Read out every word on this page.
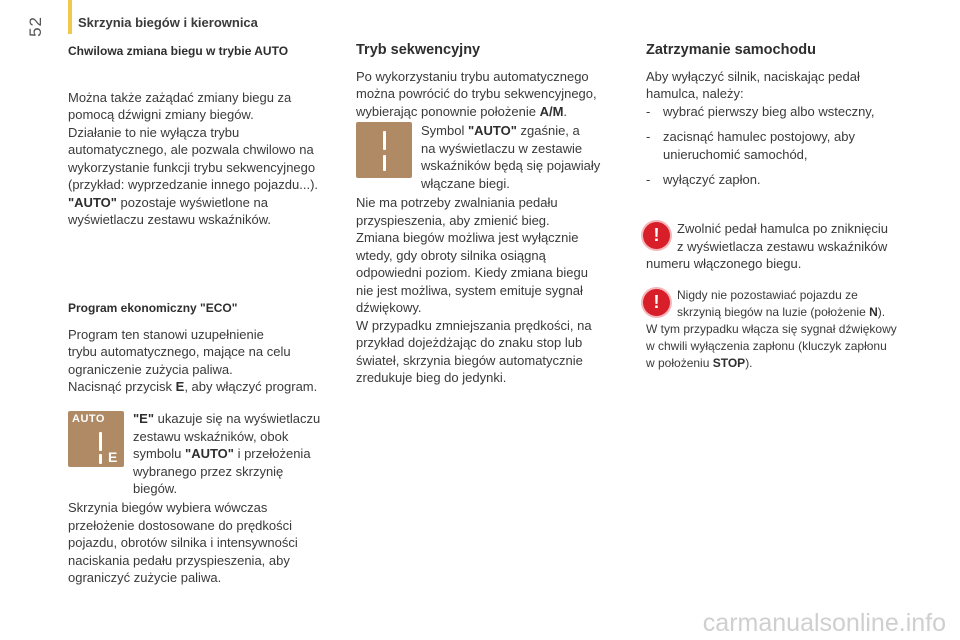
52	Skrzynia biegów i kierownica
Chwilowa zmiana biegu w trybie AUTO
Można także zażądać zmiany biegu za
pomocą dźwigni zmiany biegów.
Działanie to nie wyłącza trybu
automatycznego, ale pozwala chwilowo na
wykorzystanie funkcji trybu sekwencyjnego
(przykład: wyprzedzanie innego pojazdu...).
"AUTO" pozostaje wyświetlone na
wyświetlaczu zestawu wskaźników.
Program ekonomiczny "ECO"
Program ten stanowi uzupełnienie
trybu automatycznego, mające na celu
ograniczenie zużycia paliwa.
Nacisnąć przycisk E, aby włączyć program.
AUTO
E
"E" ukazuje się na wyświetlaczu
zestawu wskaźników, obok
symbolu "AUTO" i przełożenia
wybranego przez skrzynię
biegów.
Skrzynia biegów wybiera wówczas
przełożenie dostosowane do prędkości
pojazdu, obrotów silnika i intensywności
naciskania pedału przyspieszenia, aby
ograniczyć zużycie paliwa.
Tryb sekwencyjny
Po wykorzystaniu trybu automatycznego
można powrócić do trybu sekwencyjnego,
wybierając ponownie położenie A/M.
Symbol "AUTO" zgaśnie, a
na wyświetlaczu w zestawie
wskaźników będą się pojawiały
włączane biegi.
Nie ma potrzeby zwalniania pedału
przyspieszenia, aby zmienić bieg.
Zmiana biegów możliwa jest wyłącznie
wtedy, gdy obroty silnika osiągną
odpowiedni poziom. Kiedy zmiana biegu
nie jest możliwa, system emituje sygnał
dźwiękowy.
W przypadku zmniejszania prędkości, na
przykład dojeżdżając do znaku stop lub
świateł, skrzynia biegów automatycznie
zredukuje bieg do jedynki.
Zatrzymanie samochodu
Aby wyłączyć silnik, naciskając pedał
hamulca, należy:
- wybrać pierwszy bieg albo wsteczny,
- zacisnąć hamulec postojowy, aby
unieruchomić samochód,
- wyłączyć zapłon.
!	Zwolnić pedał hamulca po zniknięciu
z wyświetlacza zestawu wskaźników
numeru włączonego biegu.
!	Nigdy nie pozostawiać pojazdu ze
skrzynią biegów na luzie (położenie N).
W tym przypadku włącza się sygnał dźwiękowy
w chwili wyłączenia zapłonu (kluczyk zapłonu
w położeniu STOP).
carmanualsonline.info
